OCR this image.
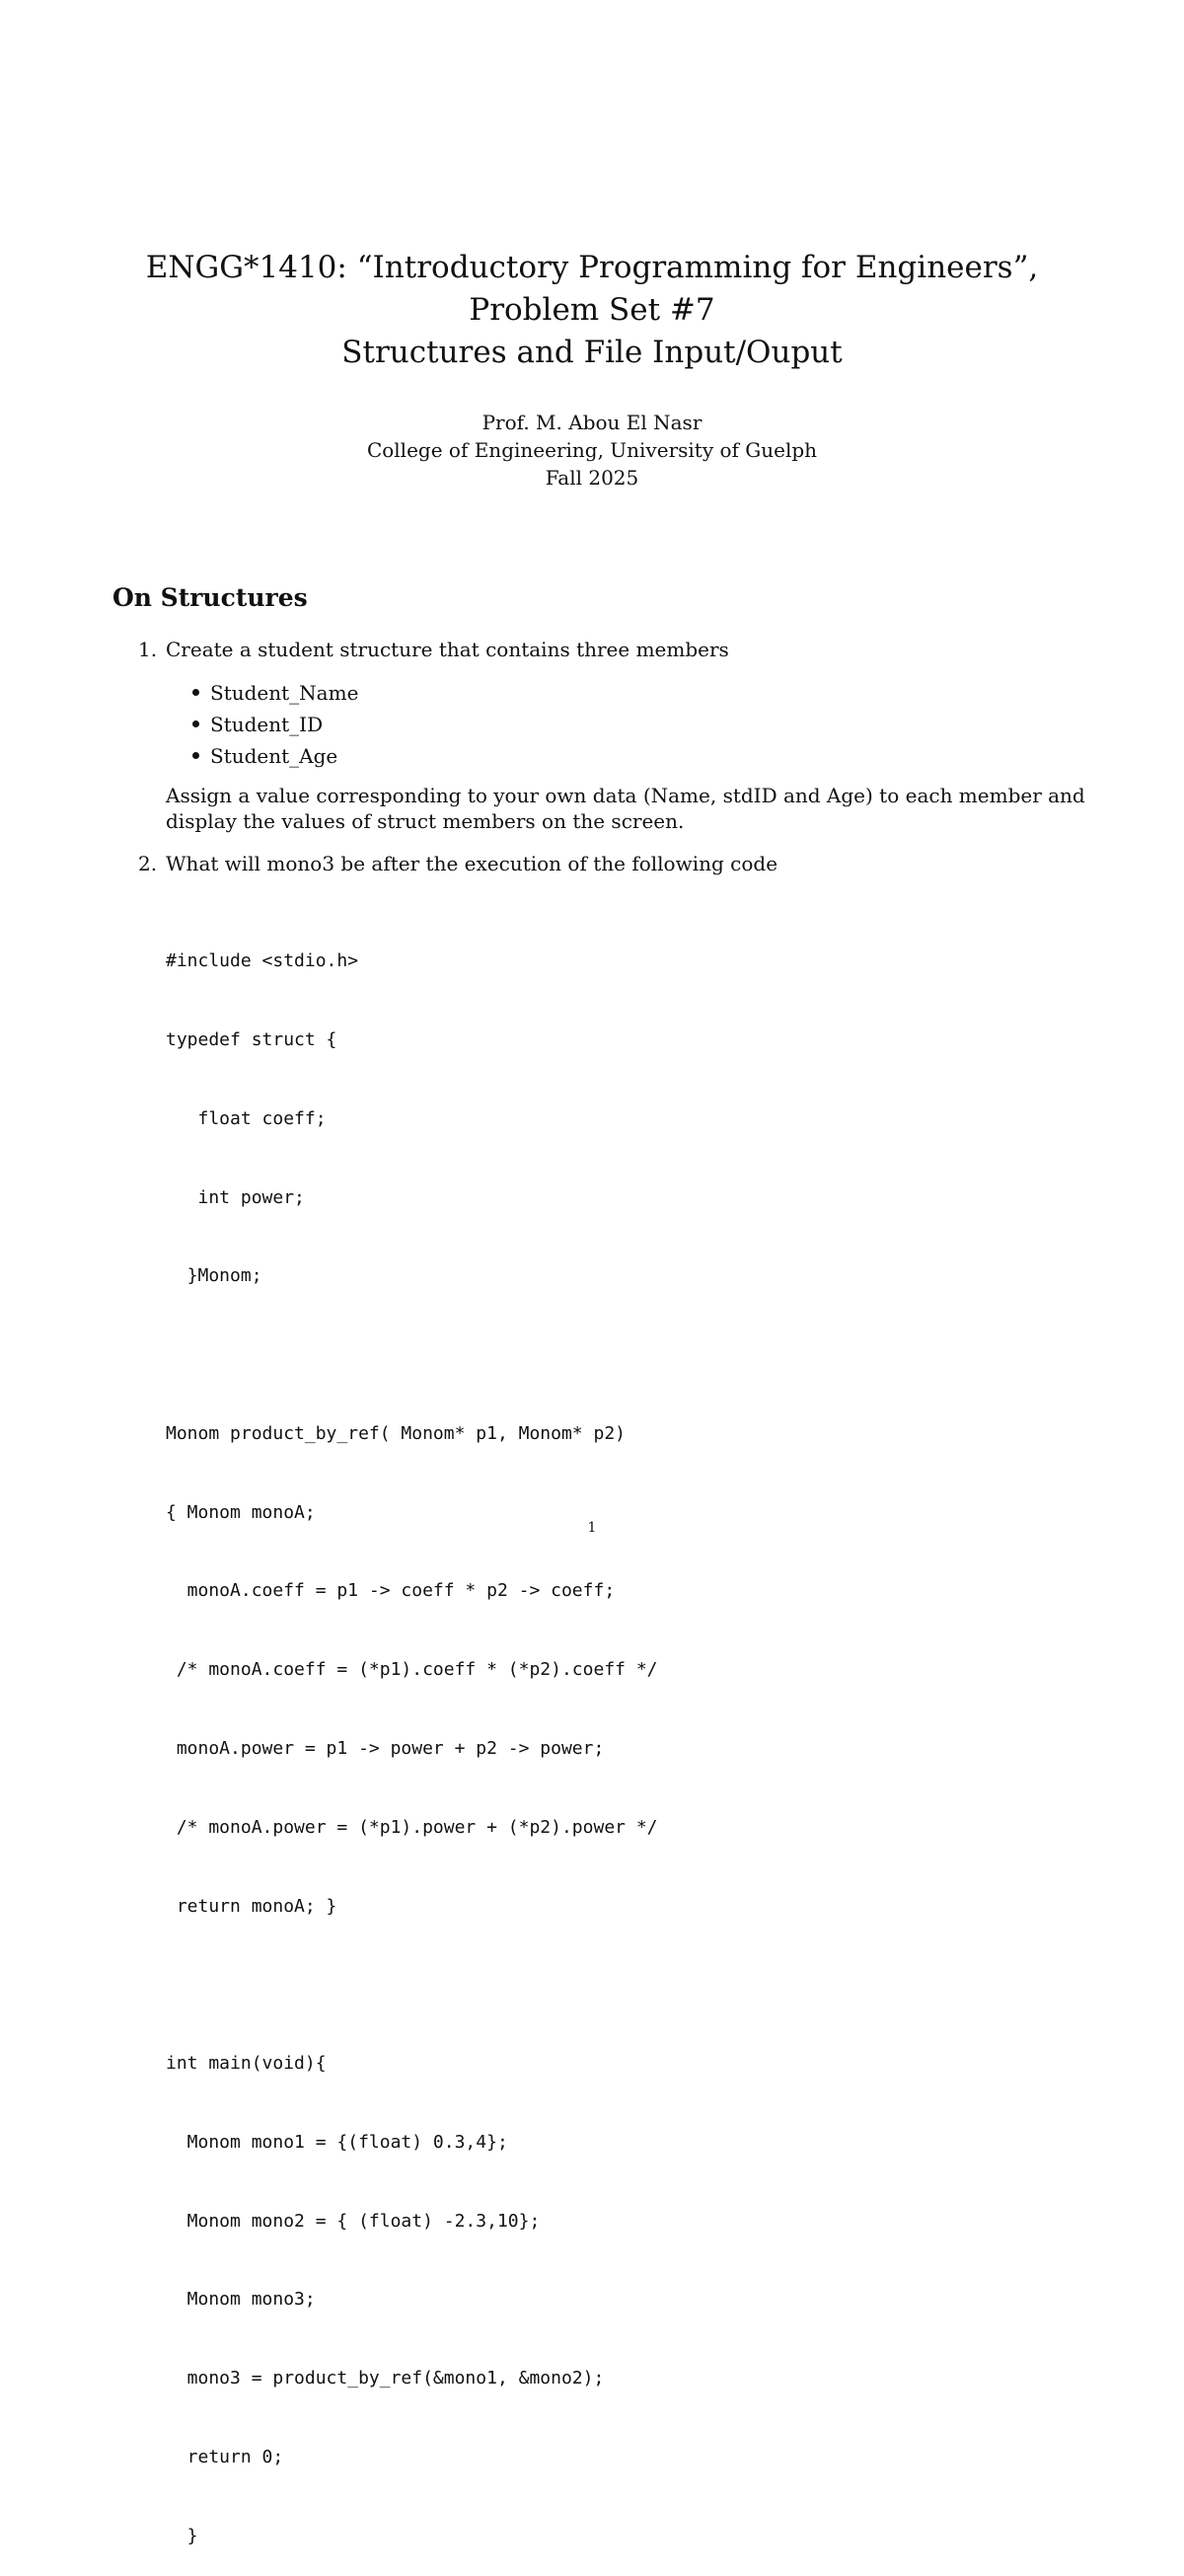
ENGG*1410: “Introductory Programming for Engineers”,

Problem Set #7

Structures and File Input/Ouput

Prof. M. Abou El Nasr
College of Engineering, University of Guelph
Fall 2025
On Structures
1. Create a student structure that contains three members
Student_Name
Student_ID
Student_Age

Assign a value corresponding to your own data (Name, stdID and Age) to each member and display the values of struct members on the screen.

2. What will mono3 be after the execution of the following code

#include <stdio.h>

typedef struct {

float coeff;

int power;

}Monom;

Monom product_by_ref( Monom* p1, Monom* p2)

{ Monom monoA;

monoA.coeff = p1 -> coeff * p2 -> coeff;

/* monoA.coeff = (*p1).coeff * (*p2).coeff */

monoA.power = p1 -> power + p2 -> power;

/* monoA.power = (*p1).power + (*p2).power */

return monoA; }

int main(void){

Monom mono1 = {(float) 0.3,4};

Monom mono2 = { (float) -2.3,10};

Monom mono3;

mono3 = product_by_ref(&mono1, &mono2);

return 0;

}

1
